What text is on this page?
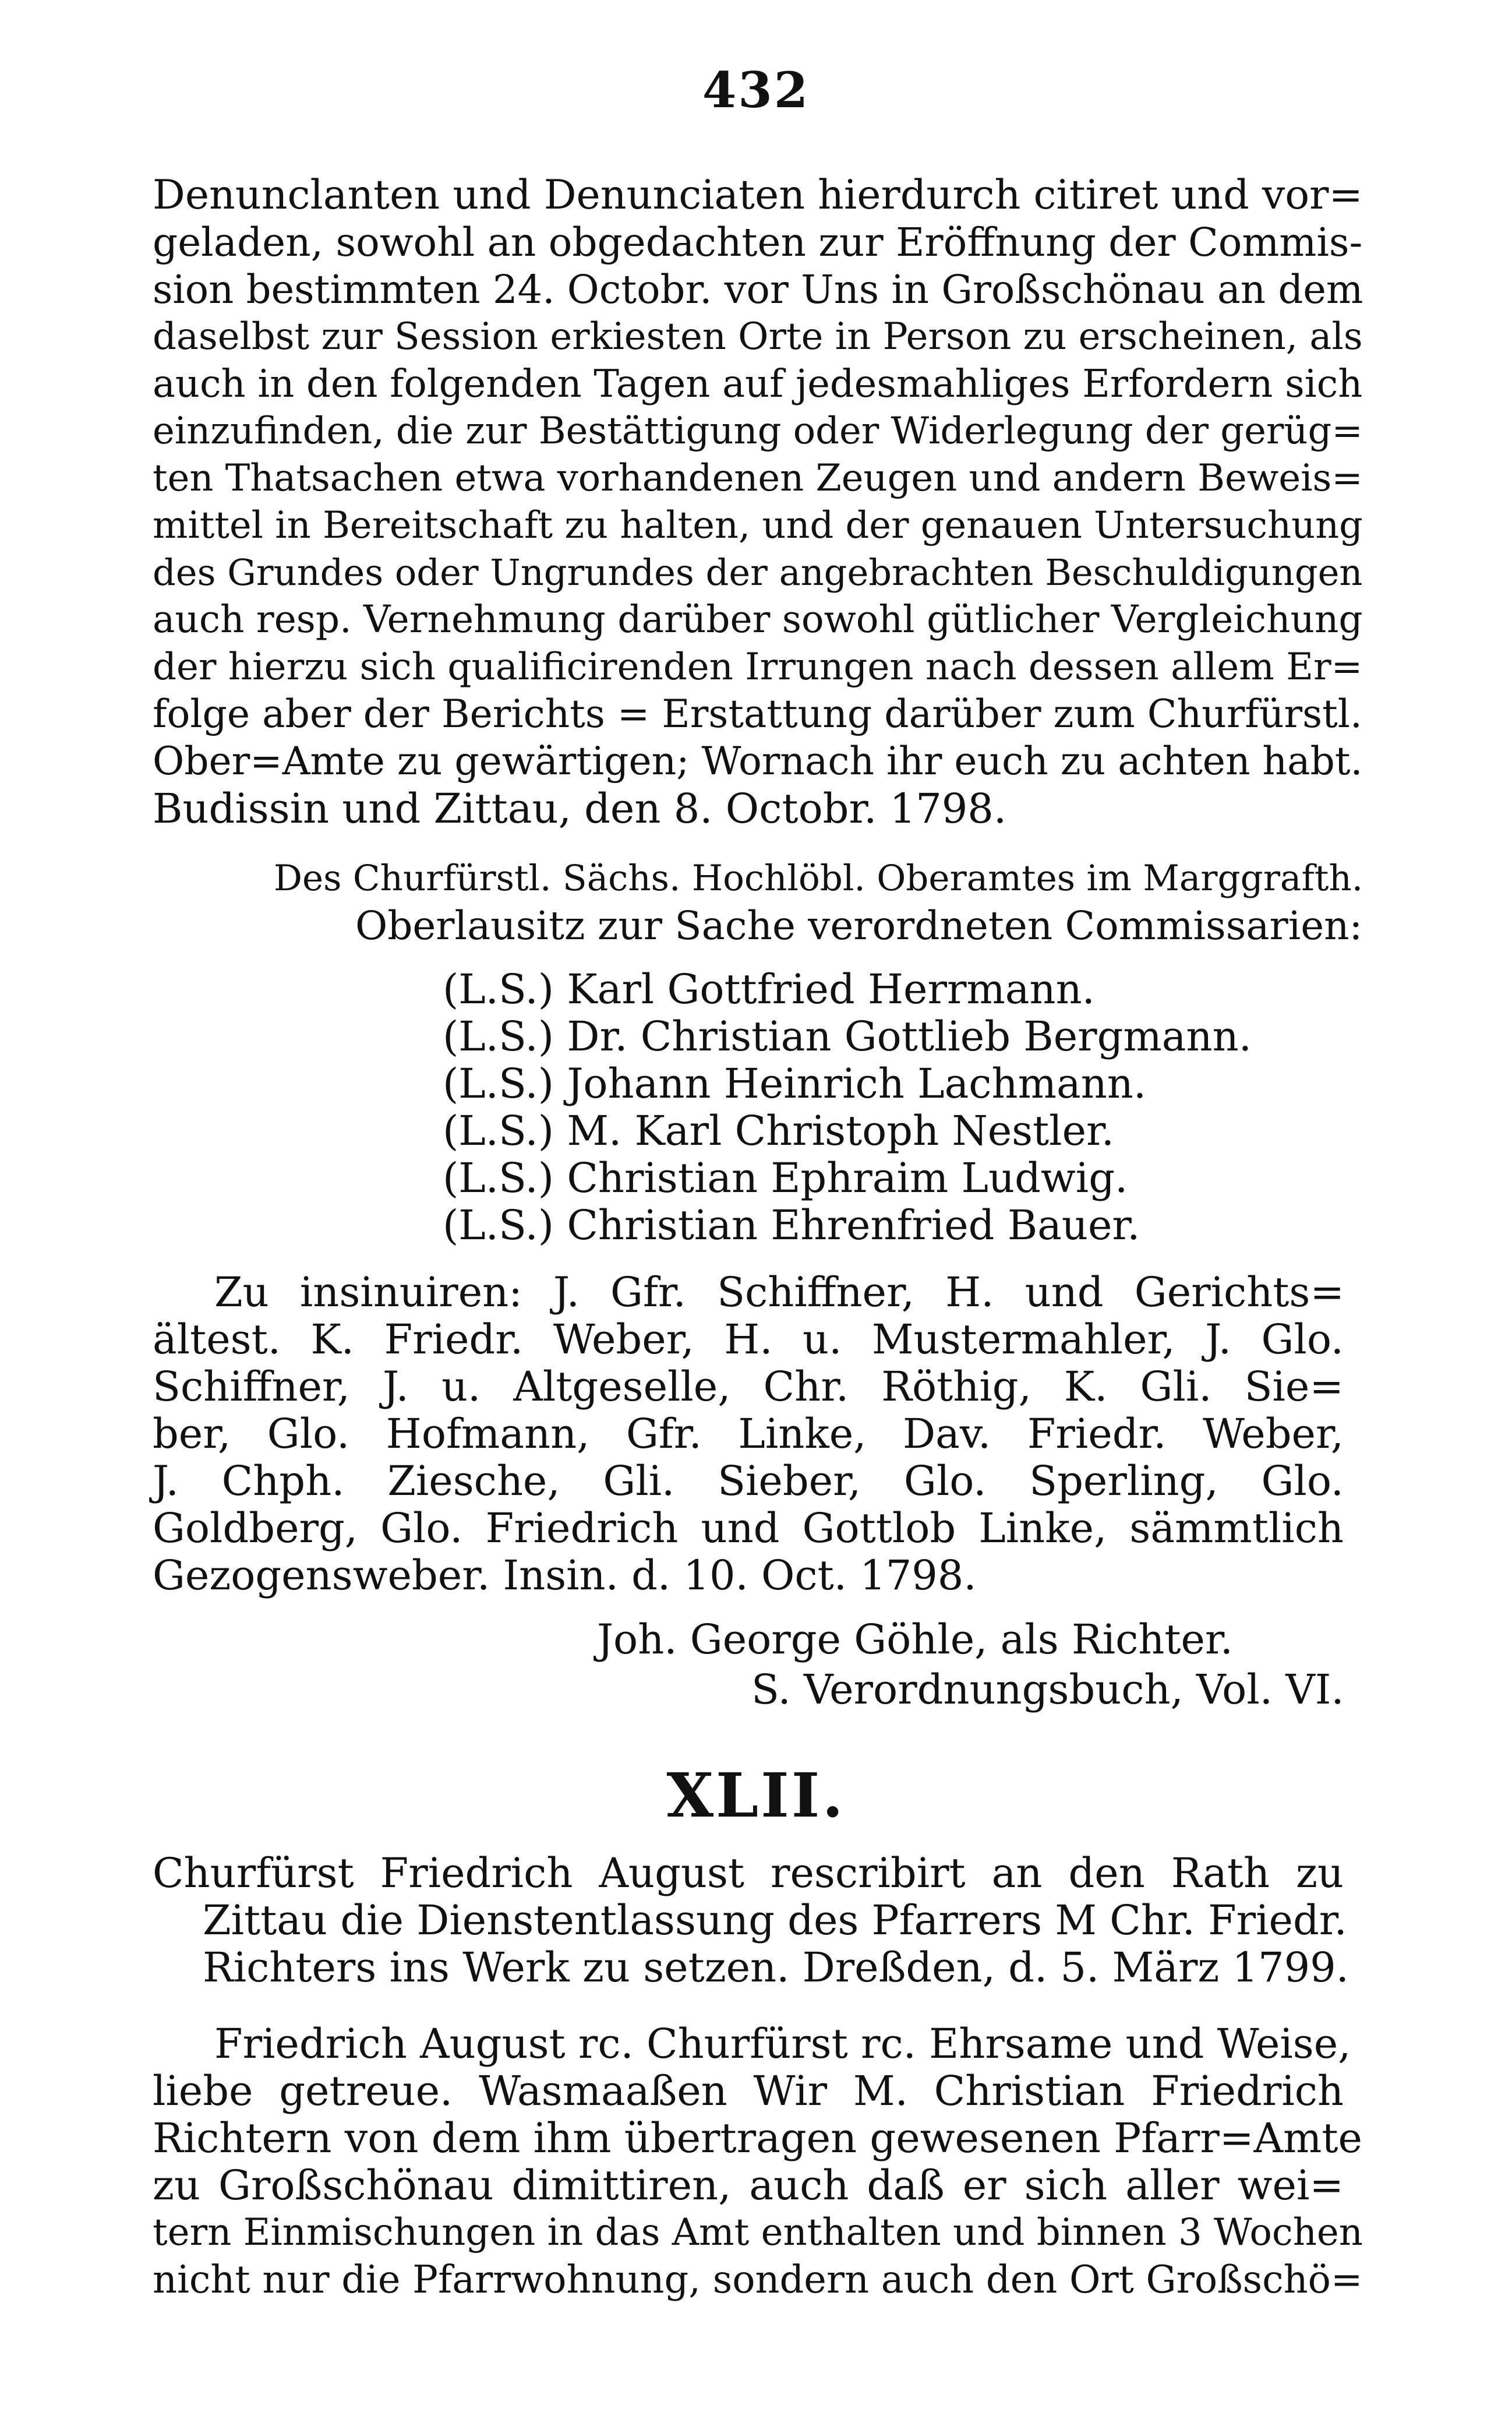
432
Denunclanten und Denunciaten hierdurch citiret und vor=
geladen, sowohl an obgedachten zur Eröffnung der Commis-
sion bestimmten 24. Octobr. vor Uns in Großschönau an dem
daselbst zur Session erkiesten Orte in Person zu erscheinen, als
auch in den folgenden Tagen auf jedesmahliges Erfordern sich
einzufinden, die zur Bestättigung oder Widerlegung der gerüg=
ten Thatsachen etwa vorhandenen Zeugen und andern Beweis=
mittel in Bereitschaft zu halten, und der genauen Untersuchung
des Grundes oder Ungrundes der angebrachten Beschuldigungen
auch resp. Vernehmung darüber sowohl gütlicher Vergleichung
der hierzu sich qualificirenden Irrungen nach dessen allem Er=
folge aber der Berichts = Erstattung darüber zum Churfürstl.
Ober=Amte zu gewärtigen; Wornach ihr euch zu achten habt.
Budissin und Zittau, den 8. Octobr. 1798.
Des Churfürstl. Sächs. Hochlöbl. Oberamtes im Marggrafth.
Oberlausitz zur Sache verordneten Commissarien:
(L.S.) Karl Gottfried Herrmann.
(L.S.) Dr. Christian Gottlieb Bergmann.
(L.S.) Johann Heinrich Lachmann.
(L.S.) M. Karl Christoph Nestler.
(L.S.) Christian Ephraim Ludwig.
(L.S.) Christian Ehrenfried Bauer.
Zu insinuiren: J. Gfr. Schiffner, H. und Gerichts=
ältest. K. Friedr. Weber, H. u. Mustermahler, J. Glo.
Schiffner, J. u. Altgeselle, Chr. Röthig, K. Gli. Sie=
ber, Glo. Hofmann, Gfr. Linke, Dav. Friedr. Weber,
J. Chph. Ziesche, Gli. Sieber, Glo. Sperling, Glo.
Goldberg, Glo. Friedrich und Gottlob Linke, sämmtlich
Gezogensweber. Insin. d. 10. Oct. 1798.
Joh. George Göhle, als Richter.
S. Verordnungsbuch, Vol. VI.
XLII.
Churfürst Friedrich August rescribirt an den Rath zu
Zittau die Dienstentlassung des Pfarrers M Chr. Friedr.
Richters ins Werk zu setzen. Dreßden, d. 5. März 1799.
Friedrich August rc. Churfürst rc. Ehrsame und Weise,
liebe getreue. Wasmaaßen Wir M. Christian Friedrich
Richtern von dem ihm übertragen gewesenen Pfarr=Amte
zu Großschönau dimittiren, auch daß er sich aller wei=
tern Einmischungen in das Amt enthalten und binnen 3 Wochen
nicht nur die Pfarrwohnung, sondern auch den Ort Großschö=
